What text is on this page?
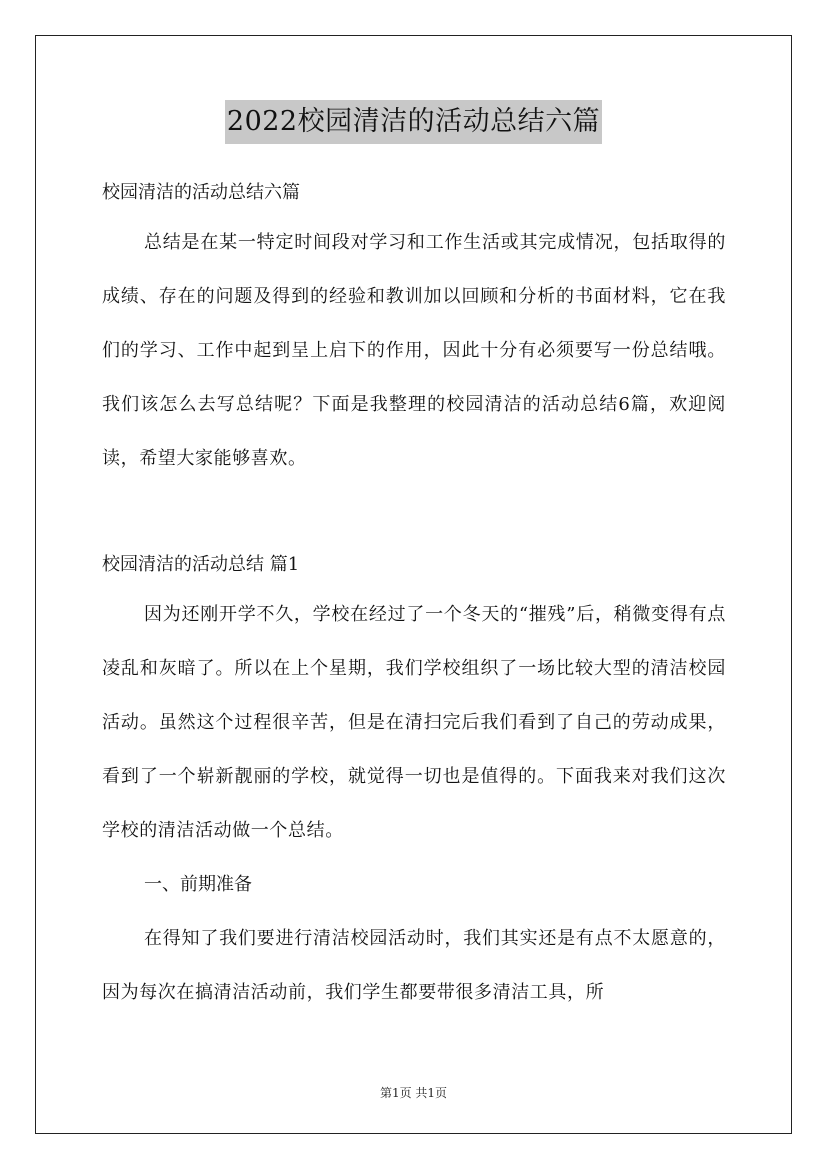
2022校园清洁的活动总结六篇

校园清洁的活动总结六篇

总结是在某一特定时间段对学习和工作生活或其完成情况，包括取得的成绩、存在的问题及得到的经验和教训加以回顾和分析的书面材料，它在我们的学习、工作中起到呈上启下的作用，因此十分有必须要写一份总结哦。我们该怎么去写总结呢？下面是我整理的校园清洁的活动总结6篇，欢迎阅读，希望大家能够喜欢。

校园清洁的活动总结 篇1

因为还刚开学不久，学校在经过了一个冬天的“摧残”后，稍微变得有点凌乱和灰暗了。所以在上个星期，我们学校组织了一场比较大型的清洁校园活动。虽然这个过程很辛苦，但是在清扫完后我们看到了自己的劳动成果，看到了一个崭新靓丽的学校，就觉得一切也是值得的。下面我来对我们这次学校的清洁活动做一个总结。

一、前期准备

在得知了我们要进行清洁校园活动时，我们其实还是有点不太愿意的，因为每次在搞清洁活动前，我们学生都要带很多清洁工具，所

第1页 共1页
